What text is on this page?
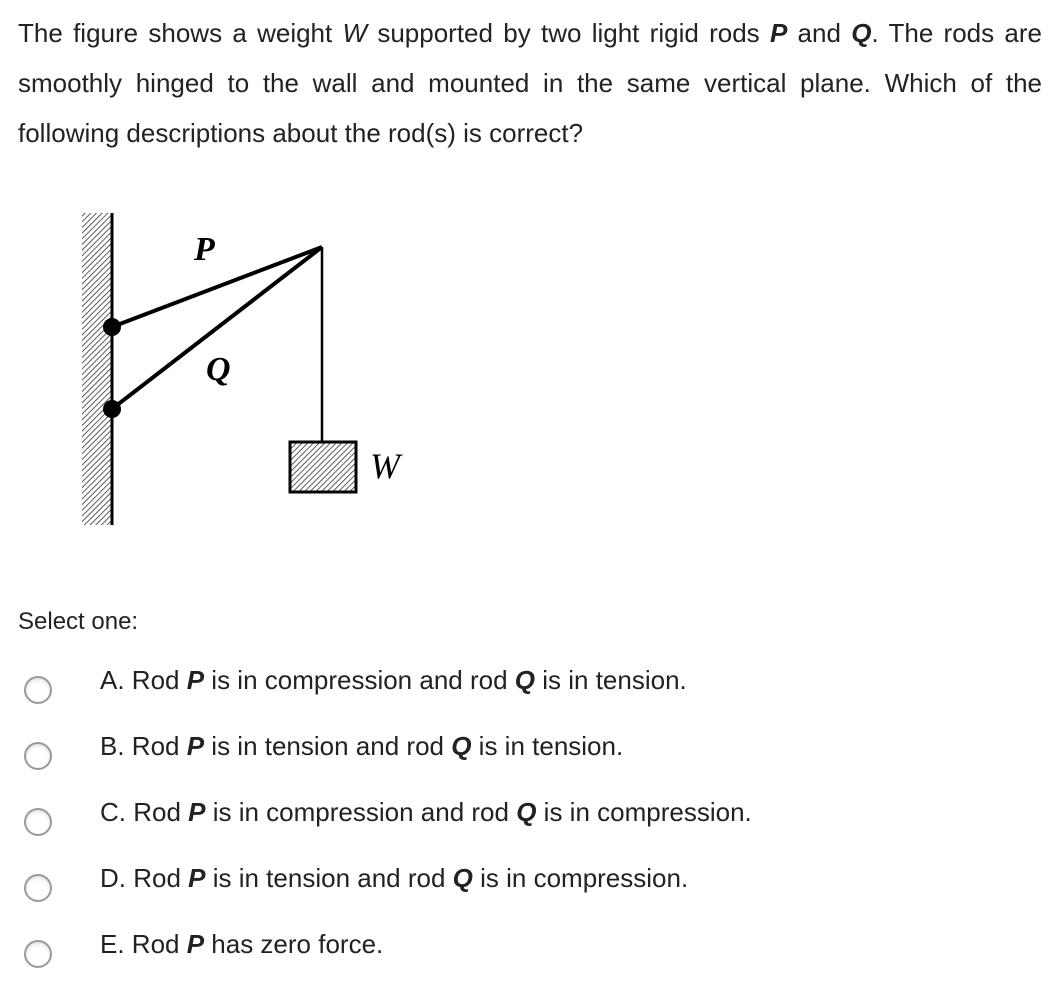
The figure shows a weight W supported by two light rigid rods P and Q. The rods are smoothly hinged to the wall and mounted in the same vertical plane. Which of the following descriptions about the rod(s) is correct?

P
Q
W

Select one:

A. Rod P is in compression and rod Q is in tension.
B. Rod P is in tension and rod Q is in tension.
C. Rod P is in compression and rod Q is in compression.
D. Rod P is in tension and rod Q is in compression.
E. Rod P has zero force.
